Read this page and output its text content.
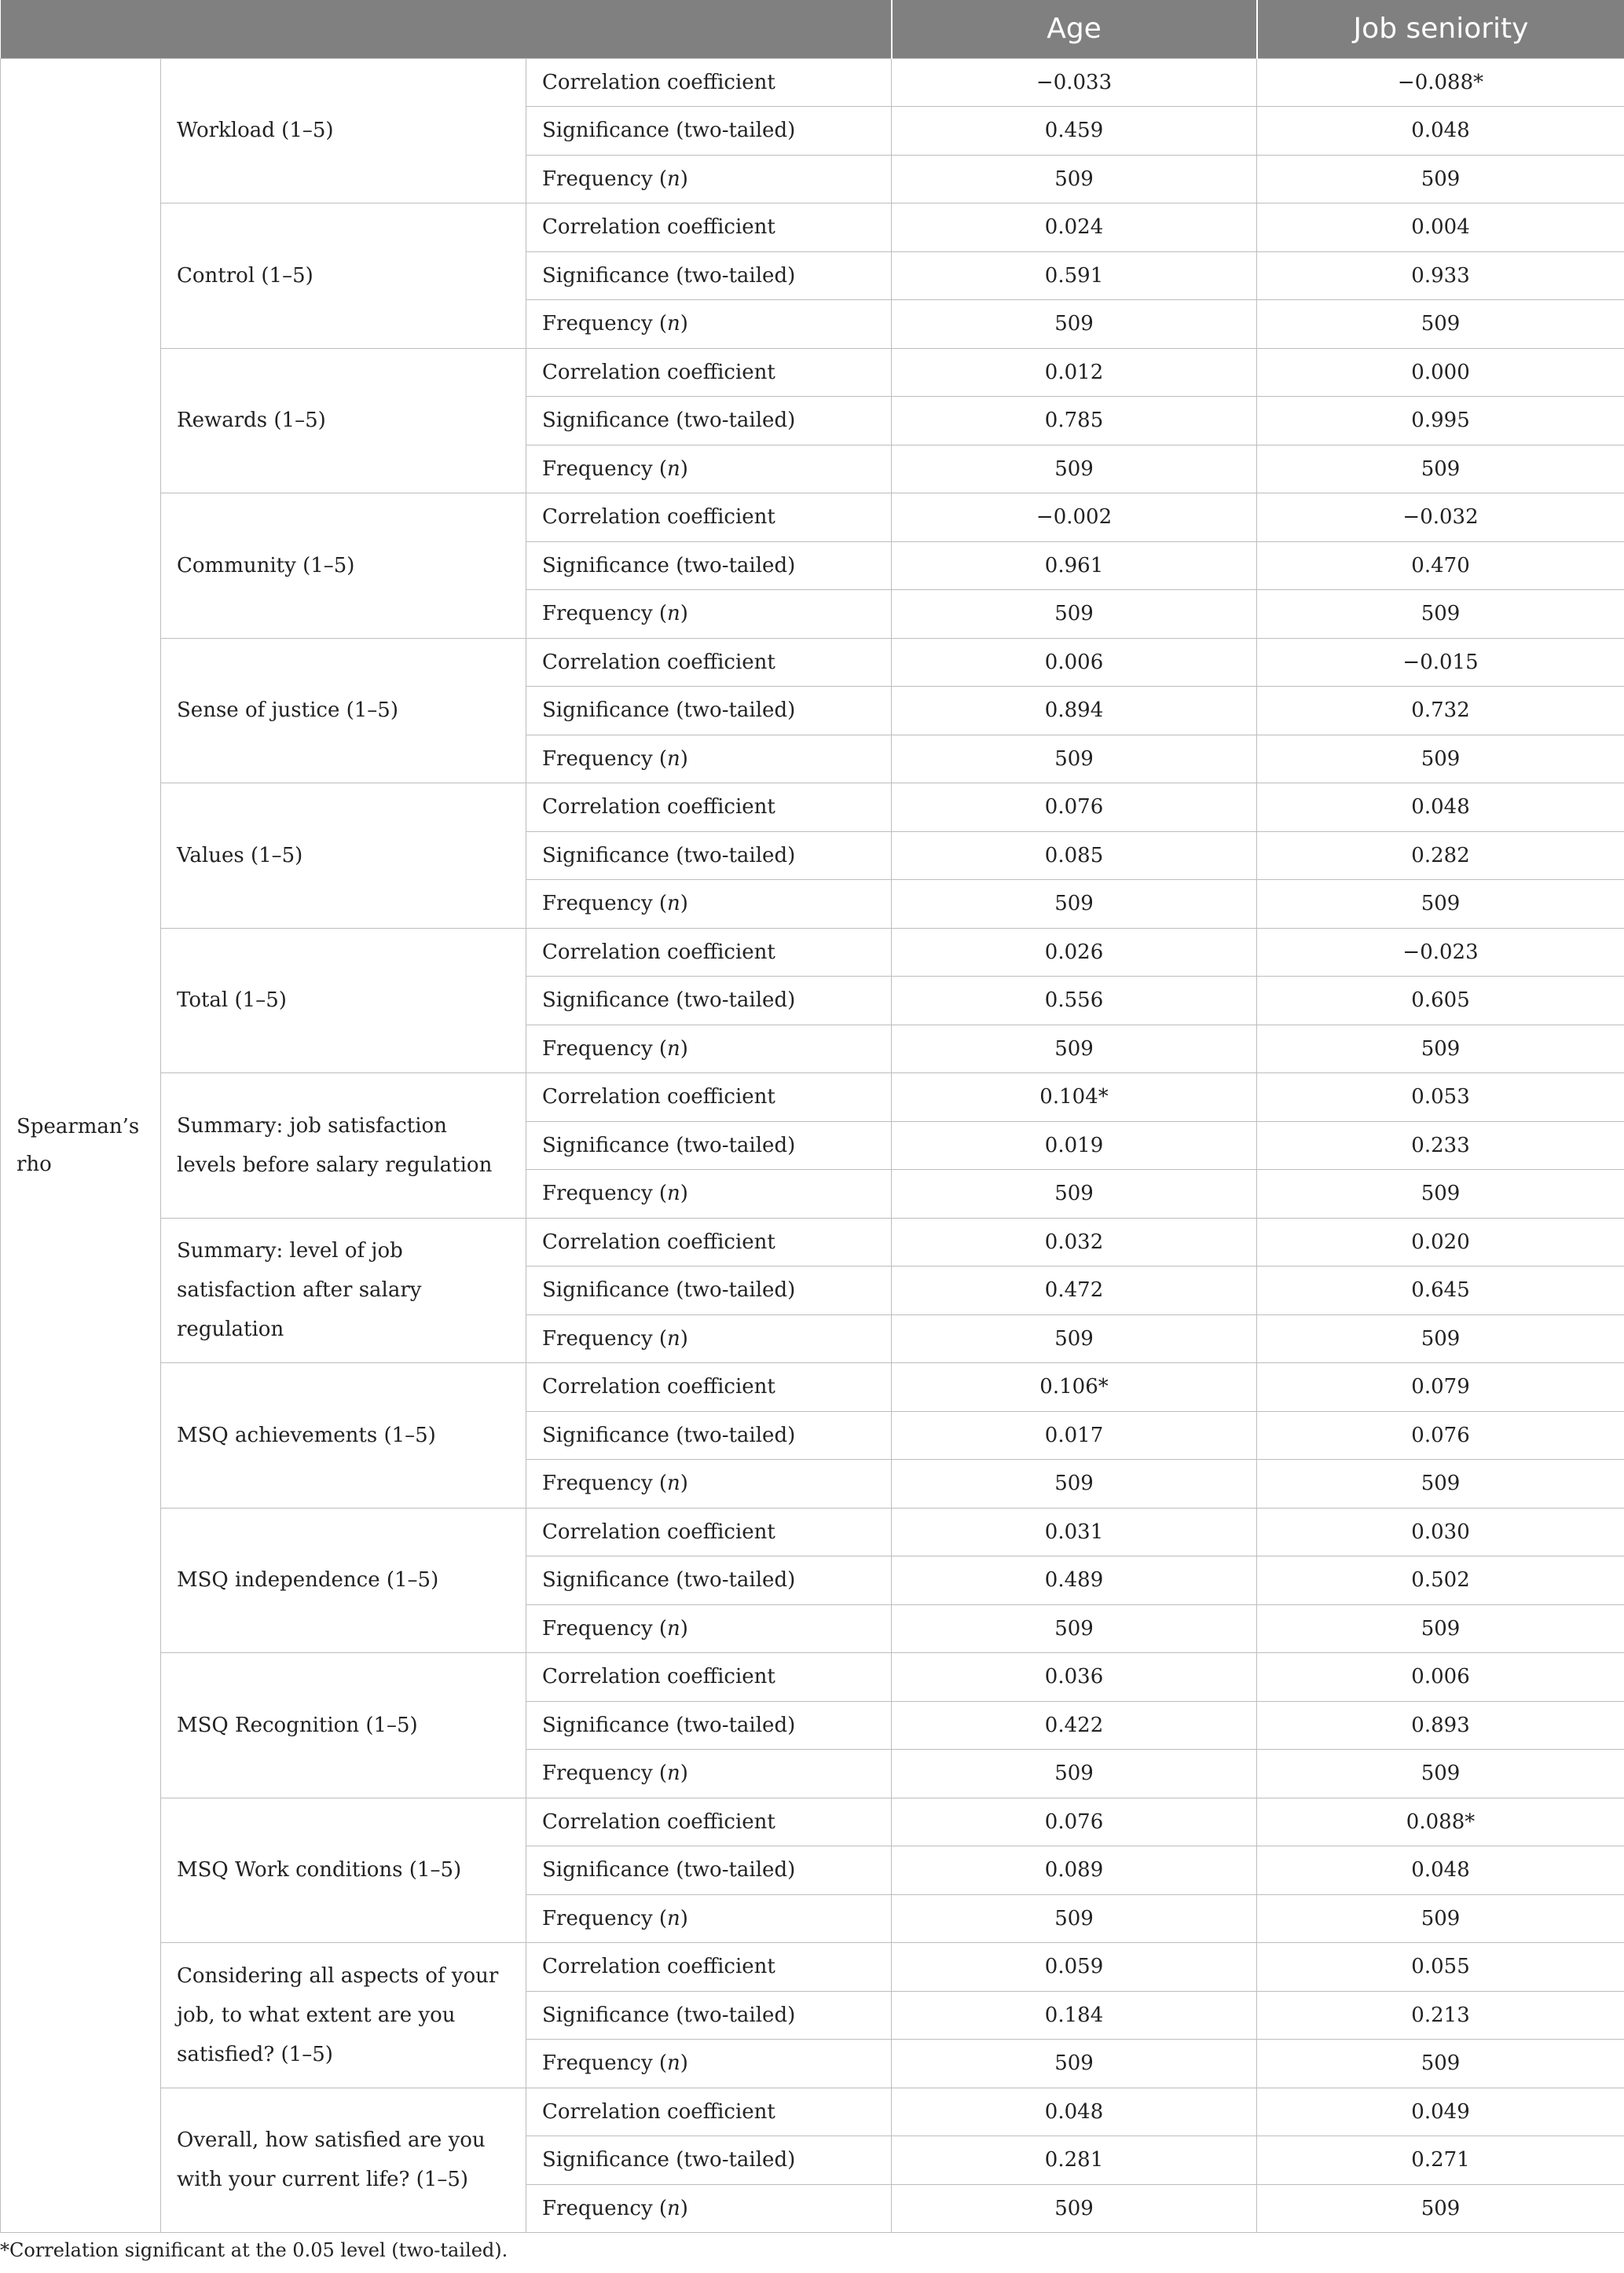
			Age	Job seniority
Spearman’s rho	Workload (1–5)	Correlation coefficient	−0.033	−0.088*
		Significance (two-tailed)	0.459	0.048
		Frequency (n)	509	509
	Control (1–5)	Correlation coefficient	0.024	0.004
		Significance (two-tailed)	0.591	0.933
		Frequency (n)	509	509
	Rewards (1–5)	Correlation coefficient	0.012	0.000
		Significance (two-tailed)	0.785	0.995
		Frequency (n)	509	509
	Community (1–5)	Correlation coefficient	−0.002	−0.032
		Significance (two-tailed)	0.961	0.470
		Frequency (n)	509	509
	Sense of justice (1–5)	Correlation coefficient	0.006	−0.015
		Significance (two-tailed)	0.894	0.732
		Frequency (n)	509	509
	Values (1–5)	Correlation coefficient	0.076	0.048
		Significance (two-tailed)	0.085	0.282
		Frequency (n)	509	509
	Total (1–5)	Correlation coefficient	0.026	−0.023
		Significance (two-tailed)	0.556	0.605
		Frequency (n)	509	509
	Summary: job satisfaction levels before salary regulation	Correlation coefficient	0.104*	0.053
		Significance (two-tailed)	0.019	0.233
		Frequency (n)	509	509
	Summary: level of job satisfaction after salary regulation	Correlation coefficient	0.032	0.020
		Significance (two-tailed)	0.472	0.645
		Frequency (n)	509	509
	MSQ achievements (1–5)	Correlation coefficient	0.106*	0.079
		Significance (two-tailed)	0.017	0.076
		Frequency (n)	509	509
	MSQ independence (1–5)	Correlation coefficient	0.031	0.030
		Significance (two-tailed)	0.489	0.502
		Frequency (n)	509	509
	MSQ Recognition (1–5)	Correlation coefficient	0.036	0.006
		Significance (two-tailed)	0.422	0.893
		Frequency (n)	509	509
	MSQ Work conditions (1–5)	Correlation coefficient	0.076	0.088*
		Significance (two-tailed)	0.089	0.048
		Frequency (n)	509	509
	Considering all aspects of your job, to what extent are you satisfied? (1–5)	Correlation coefficient	0.059	0.055
		Significance (two-tailed)	0.184	0.213
		Frequency (n)	509	509
	Overall, how satisfied are you with your current life? (1–5)	Correlation coefficient	0.048	0.049
		Significance (two-tailed)	0.281	0.271
		Frequency (n)	509	509
*Correlation significant at the 0.05 level (two-tailed).
